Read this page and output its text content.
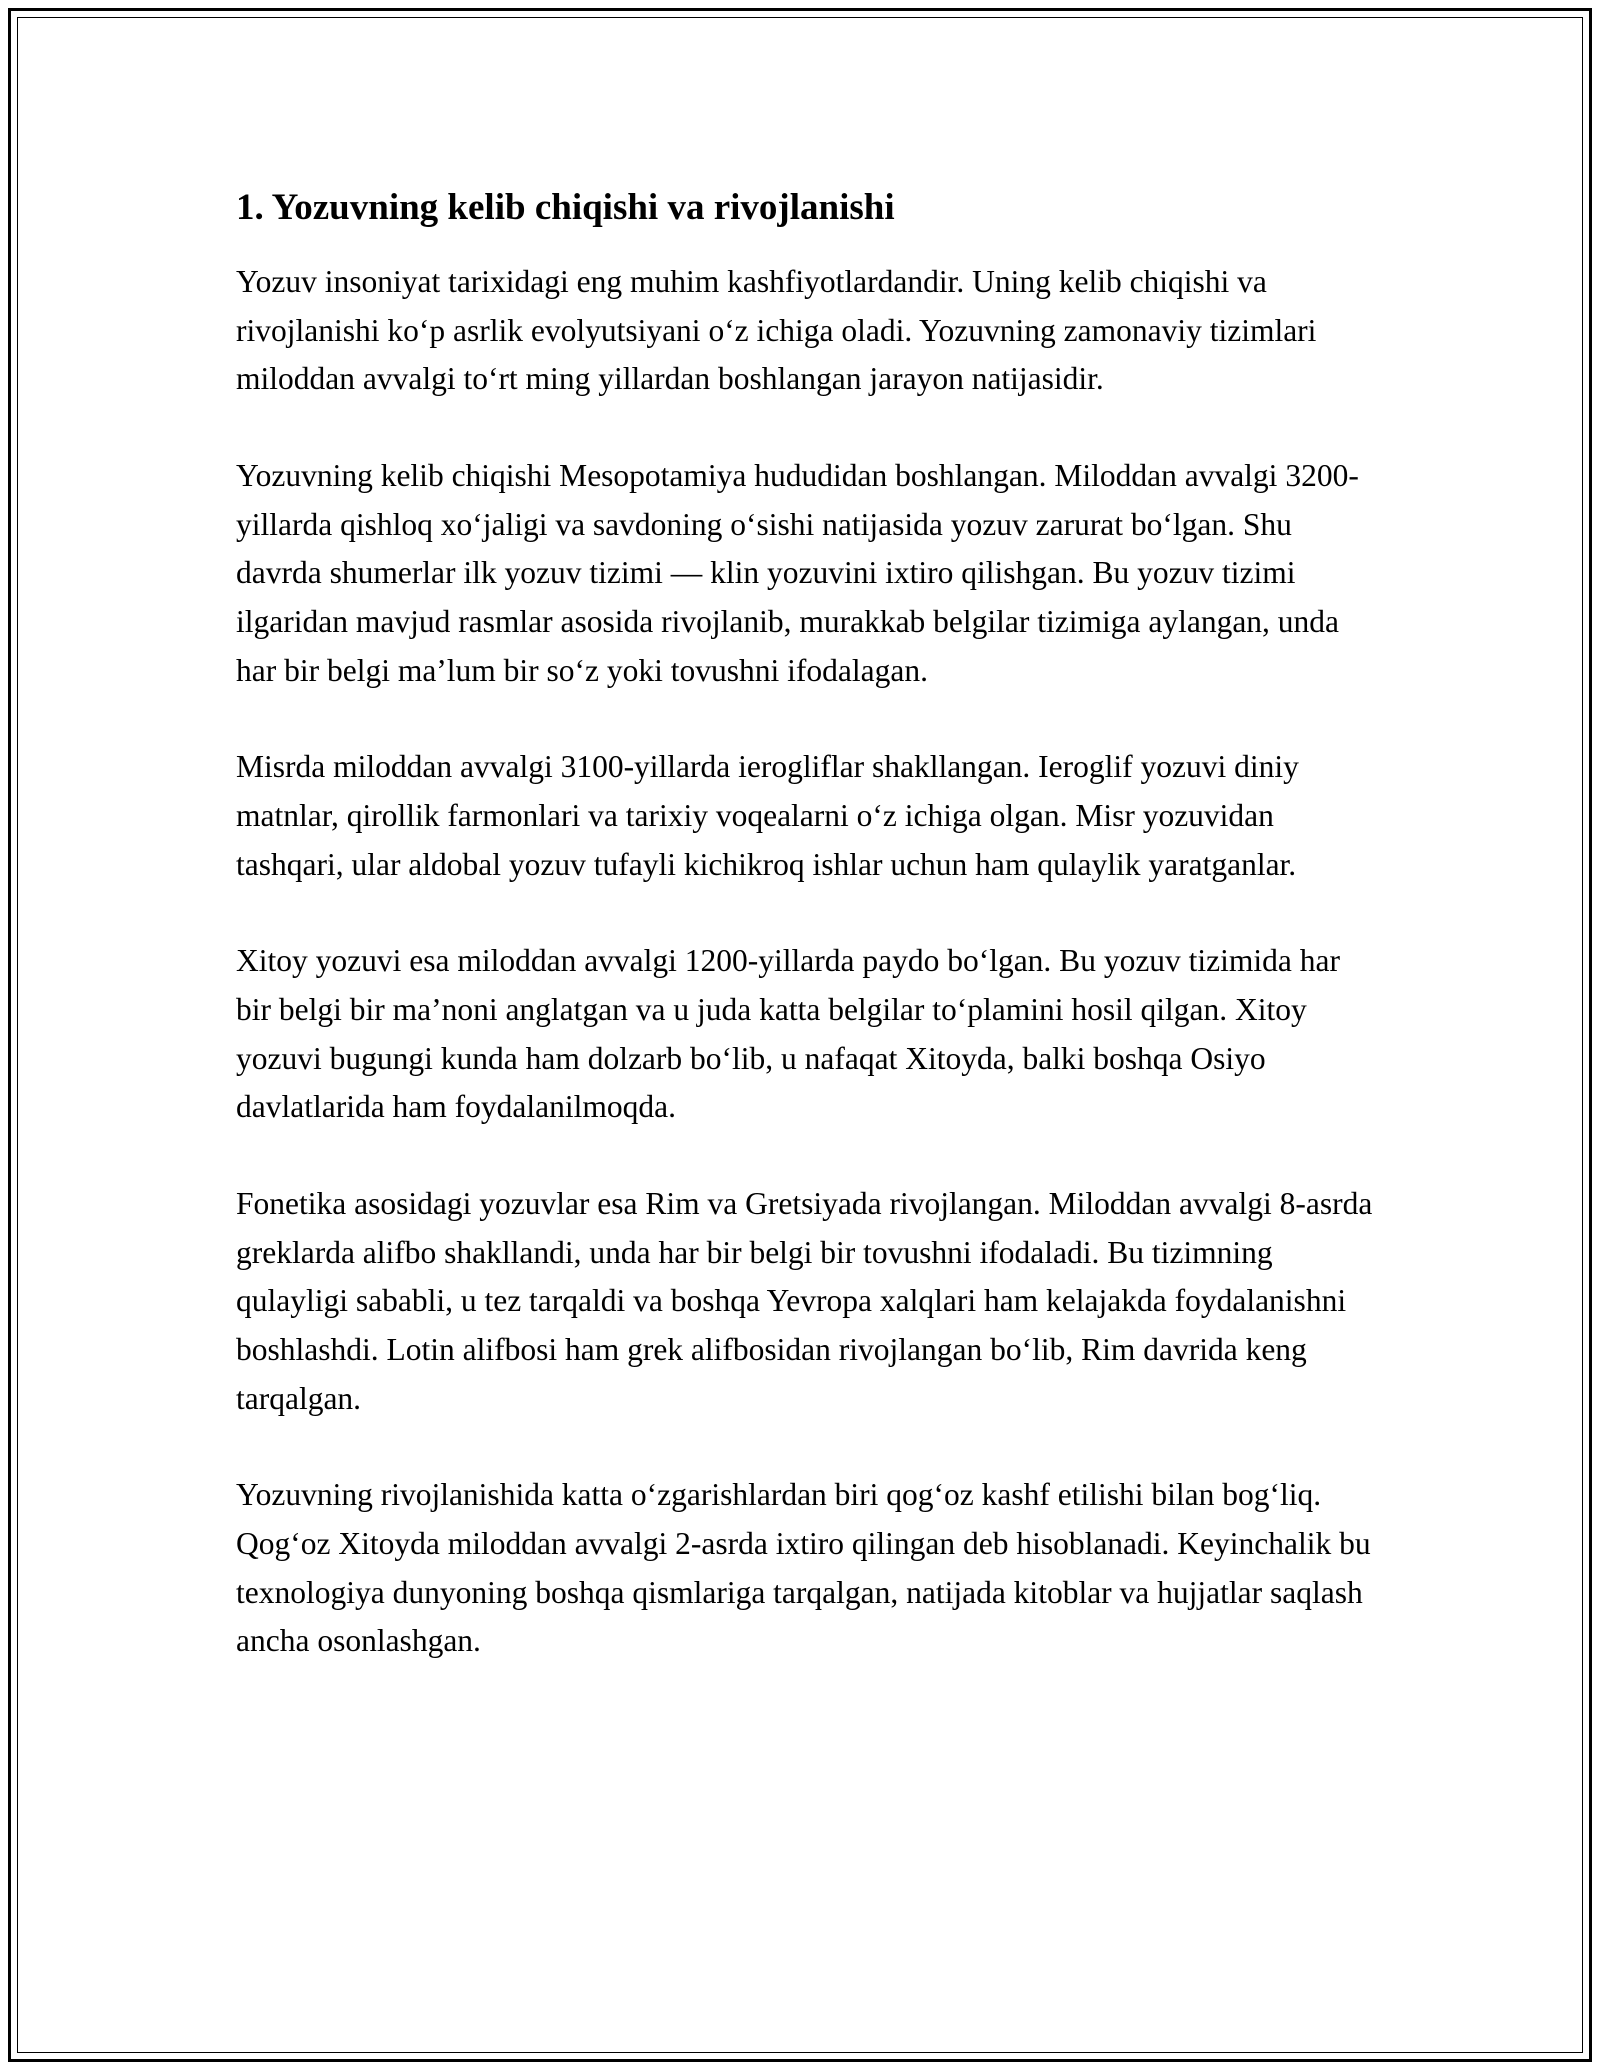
1. Yozuvning kelib chiqishi va rivojlanishi

Yozuv insoniyat tarixidagi eng muhim kashfiyotlardandir. Uning kelib chiqishi va rivojlanishi ko‘p asrlik evolyutsiyani o‘z ichiga oladi. Yozuvning zamonaviy tizimlari miloddan avvalgi to‘rt ming yillardan boshlangan jarayon natijasidir.

Yozuvning kelib chiqishi Mesopotamiya hududidan boshlangan. Miloddan avvalgi 3200-yillarda qishloq xo‘jaligi va savdoning o‘sishi natijasida yozuv zarurat bo‘lgan. Shu davrda shumerlar ilk yozuv tizimi — klin yozuvini ixtiro qilishgan. Bu yozuv tizimi ilgaridan mavjud rasmlar asosida rivojlanib, murakkab belgilar tizimiga aylangan, unda har bir belgi ma’lum bir so‘z yoki tovushni ifodalagan.

Misrda miloddan avvalgi 3100-yillarda ierogliflar shakllangan. Ieroglif yozuvi diniy matnlar, qirollik farmonlari va tarixiy voqealarni o‘z ichiga olgan. Misr yozuvidan tashqari, ular aldobal yozuv tufayli kichikroq ishlar uchun ham qulaylik yaratganlar.

Xitoy yozuvi esa miloddan avvalgi 1200-yillarda paydo bo‘lgan. Bu yozuv tizimida har bir belgi bir ma’noni anglatgan va u juda katta belgilar to‘plamini hosil qilgan. Xitoy yozuvi bugungi kunda ham dolzarb bo‘lib, u nafaqat Xitoyda, balki boshqa Osiyo davlatlarida ham foydalanilmoqda.

Fonetika asosidagi yozuvlar esa Rim va Gretsiyada rivojlangan. Miloddan avvalgi 8-asrda greklarda alifbo shakllandi, unda har bir belgi bir tovushni ifodaladi. Bu tizimning qulayligi sababli, u tez tarqaldi va boshqa Yevropa xalqlari ham kelajakda foydalanishni boshlashdi. Lotin alifbosi ham grek alifbosidan rivojlangan bo‘lib, Rim davrida keng tarqalgan.

Yozuvning rivojlanishida katta o‘zgarishlardan biri qog‘oz kashf etilishi bilan bog‘liq. Qog‘oz Xitoyda miloddan avvalgi 2-asrda ixtiro qilingan deb hisoblanadi. Keyinchalik bu texnologiya dunyoning boshqa qismlariga tarqalgan, natijada kitoblar va hujjatlar saqlash ancha osonlashgan.
